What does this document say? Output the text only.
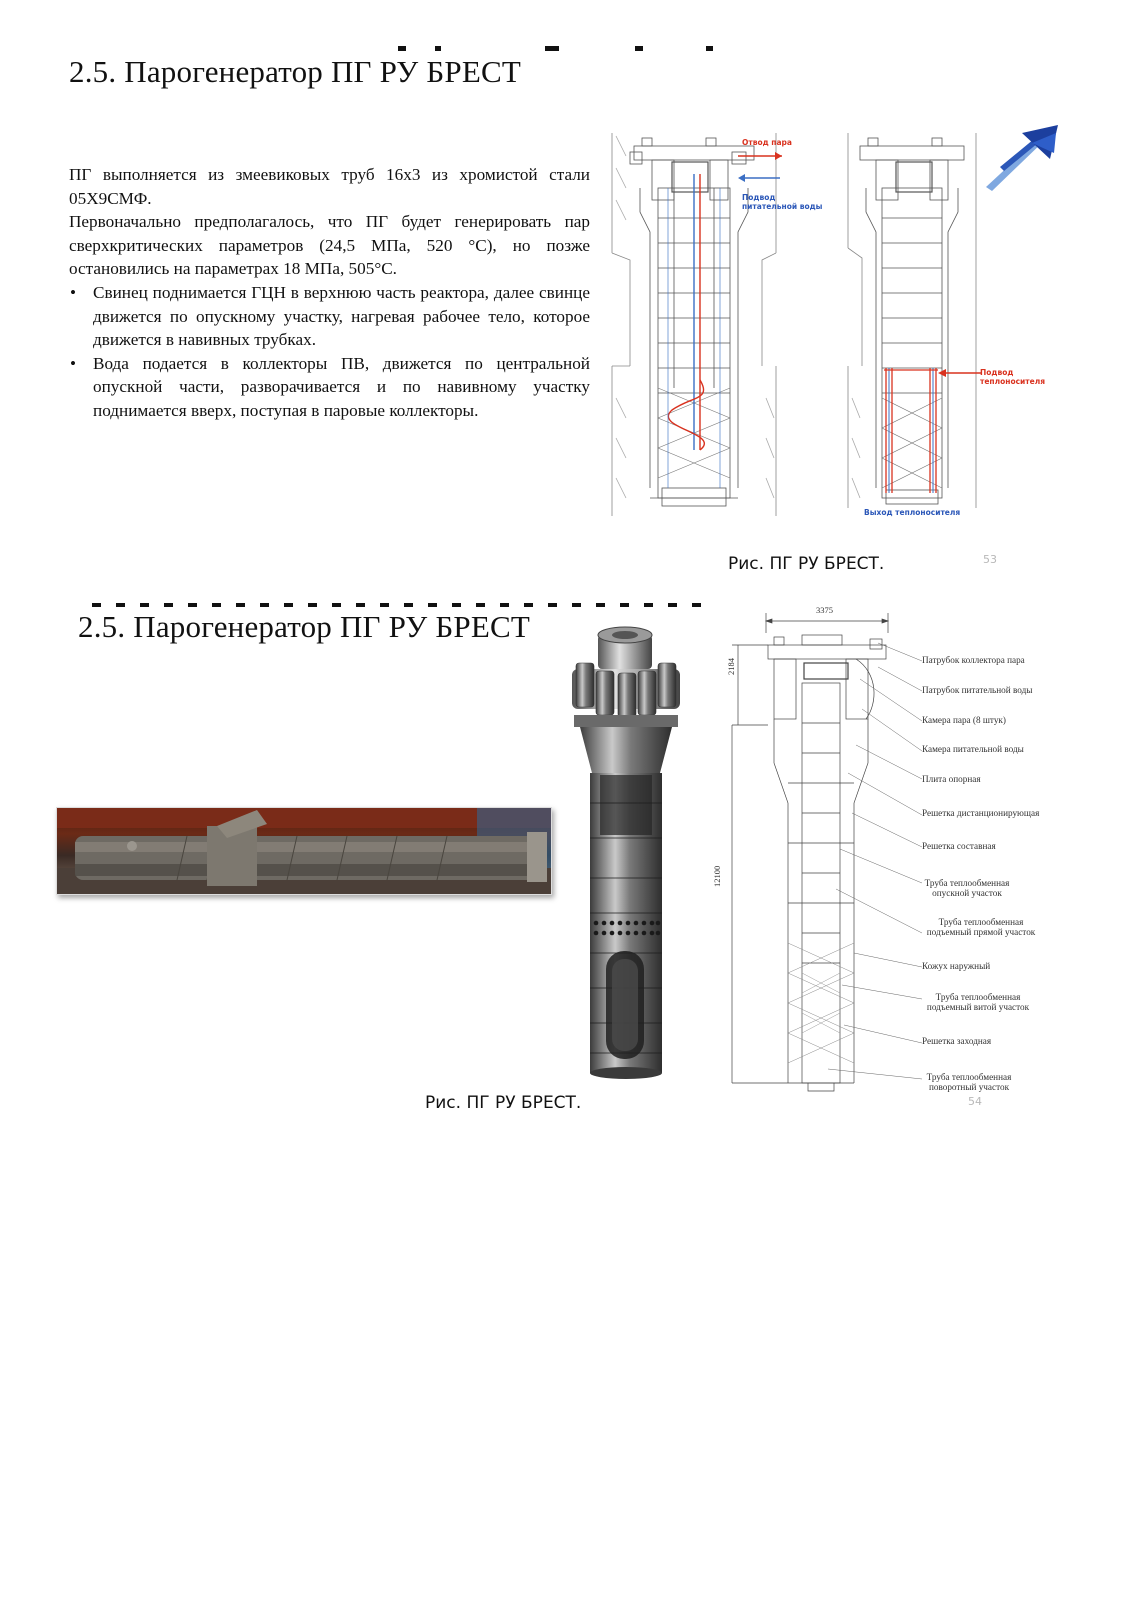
2.5. Парогенератор ПГ РУ БРЕСТ

ПГ выполняется из змеевиковых труб 16х3 из хромистой стали 05Х9СМФ.

Первоначально предполагалось, что ПГ будет генерировать пар сверхкритических параметров (24,5 МПа, 520 °С), но позже остановились на параметрах 18 МПа, 505°С.

• Свинец поднимается ГЦН в верхнюю часть реактора, далее свинце движется по опускному участку, нагревая рабочее тело, которое движется в навивных трубках.
• Вода подается в коллекторы ПВ, движется по центральной опускной части, разворачивается и по навивному участку поднимается вверх, поступая в паровые коллекторы.
Отвод пара
Подвод
питательной воды
Подвод
теплоносителя
Выход теплоносителя
Рис. ПГ РУ БРЕСТ.	53
2.5. Парогенератор ПГ РУ БРЕСТ	3375
2184
12100
Патрубок коллектора пара
Патрубок питательной воды
Камера пара (8 штук)
Камера питательной воды
Плита опорная
Решетка дистанционирующая
Решетка составная
Труба теплообменная
опускной участок
Труба теплообменная
подъемный прямой участок
Кожух наружный
Труба теплообменная
подъемный витой участок
Решетка заходная
Труба теплообменная
поворотный участок
Рис. ПГ РУ БРЕСТ.	54
